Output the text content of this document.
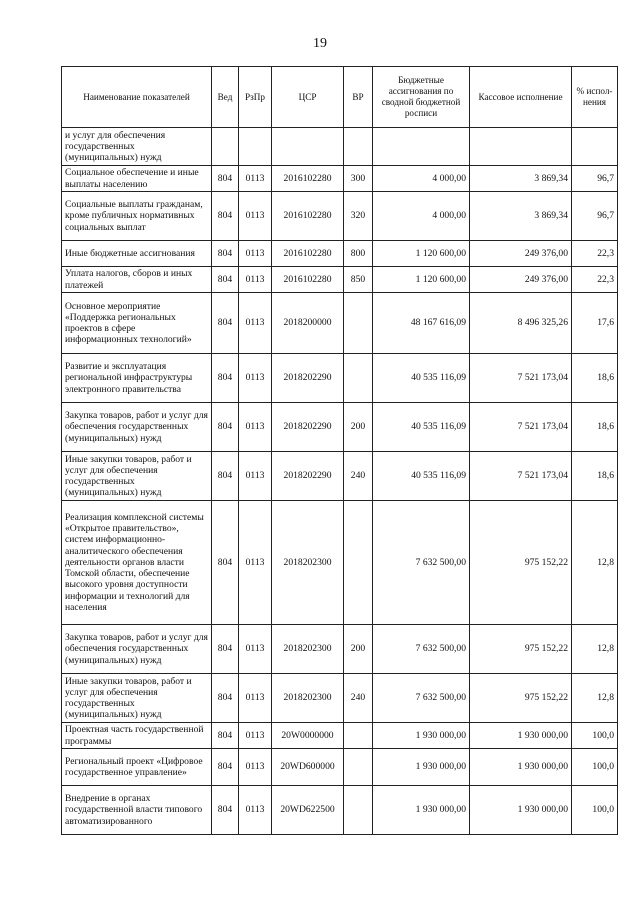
19
Наименование показателей	Вед	РзПр	ЦСР	ВР	Бюджетные ассигнования по сводной бюджетной росписи	Кассовое исполнение	% испол-нения
и услуг для обеспечения государственных (муниципальных) нужд							
Социальное обеспечение и иные выплаты населению	804	0113	2016102280	300	4 000,00	3 869,34	96,7
Социальные выплаты гражданам, кроме публичных нормативных социальных выплат	804	0113	2016102280	320	4 000,00	3 869,34	96,7
Иные бюджетные ассигнования	804	0113	2016102280	800	1 120 600,00	249 376,00	22,3
Уплата налогов, сборов и иных платежей	804	0113	2016102280	850	1 120 600,00	249 376,00	22,3
Основное мероприятие «Поддержка региональных проектов в сфере информационных технологий»	804	0113	2018200000		48 167 616,09	8 496 325,26	17,6
Развитие и эксплуатация региональной инфраструктуры электронного правительства	804	0113	2018202290		40 535 116,09	7 521 173,04	18,6
Закупка товаров, работ и услуг для обеспечения государственных (муниципальных) нужд	804	0113	2018202290	200	40 535 116,09	7 521 173,04	18,6
Иные закупки товаров, работ и услуг для обеспечения государственных (муниципальных) нужд	804	0113	2018202290	240	40 535 116,09	7 521 173,04	18,6
Реализация комплексной системы «Открытое правительство», систем информационно-аналитического обеспечения деятельности органов власти Томской области, обеспечение высокого уровня доступности информации и технологий для населения	804	0113	2018202300		7 632 500,00	975 152,22	12,8
Закупка товаров, работ и услуг для обеспечения государственных (муниципальных) нужд	804	0113	2018202300	200	7 632 500,00	975 152,22	12,8
Иные закупки товаров, работ и услуг для обеспечения государственных (муниципальных) нужд	804	0113	2018202300	240	7 632 500,00	975 152,22	12,8
Проектная часть государственной программы	804	0113	20W0000000		1 930 000,00	1 930 000,00	100,0
Региональный проект «Цифровое государственное управление»	804	0113	20WD600000		1 930 000,00	1 930 000,00	100,0
Внедрение в органах государственной власти типового автоматизированного	804	0113	20WD622500		1 930 000,00	1 930 000,00	100,0
